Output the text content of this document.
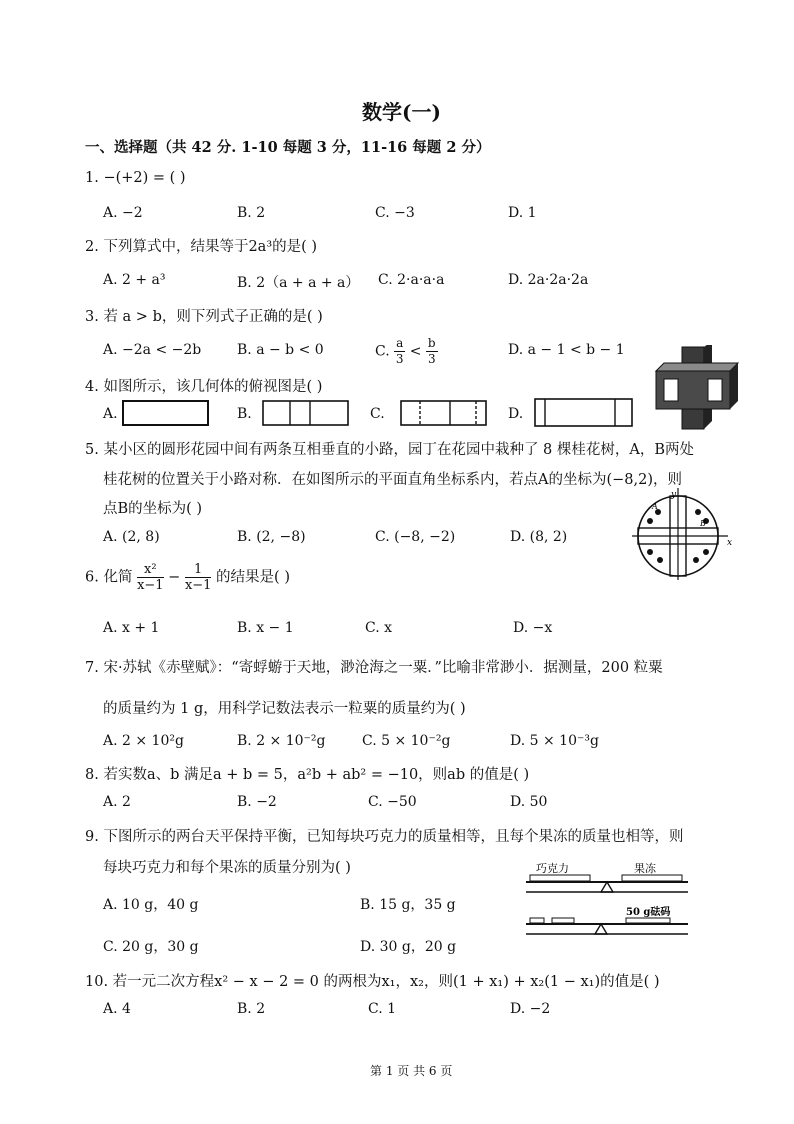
数学(一)
一、选择题（共 42 分. 1-10 每题 3 分，11-16 每题 2 分）
1. −(+2) = ( )
A. −2	B. 2	C. −3	D. 1
2. 下列算式中，结果等于2a³的是( )
A. 2 + a³	B. 2（a + a + a） C. 2·a·a·a	D. 2a·2a·2a
3. 若 a > b，则下列式子正确的是( )
A. −2a < −2b	B. a − b < 0	C. $\frac{a}{3} < \frac{b}{3}$	D. a − 1 < b − 1
4. 如图所示，该几何体的俯视图是( )
A.	B.	C.	D.
5. 某小区的圆形花园中间有两条互相垂直的小路，园丁在花园中栽种了 8 棵桂花树，A，B两处
桂花树的位置关于小路对称．在如图所示的平面直角坐标系内，若点A的坐标为(−8,2)，则
点B的坐标为( )
A. (2, 8)	B. (2, −8)	C. (−8, −2)	D. (8, 2)
y
x
A
B
6. 化简 $\frac{\text{x²}}{x-1} - \frac{1}{x-1}$ 的结果是( )
A. x + 1	B. x − 1	C. x	D. −x
7. 宋·苏轼《赤壁赋》：“寄蜉蝣于天地，渺沧海之一粟．”比喻非常渺小．据测量，200 粒粟
的质量约为 1 g，用科学记数法表示一粒粟的质量约为( )
A. 2 × 10²g	B. 2 × 10⁻²g	C. 5 × 10⁻²g	D. 5 × 10⁻³g
8. 若实数a、b 满足a + b = 5，a²b + ab² = −10，则ab 的值是( )
A. 2	B. −2	C. −50	D. 50
9. 下图所示的两台天平保持平衡，已知每块巧克力的质量相等，且每个果冻的质量也相等，则
每块巧克力和每个果冻的质量分别为( )
A. 10 g，40 g	B. 15 g，35 g
C. 20 g，30 g	D. 30 g，20 g
巧克力	果冻
50 g砝码
10. 若一元二次方程x² − x − 2 = 0 的两根为x₁，x₂，则(1 + x₁) + x₂(1 − x₁)的值是( )
A. 4	B. 2	C. 1	D. −2
第 1 页 共 6 页
